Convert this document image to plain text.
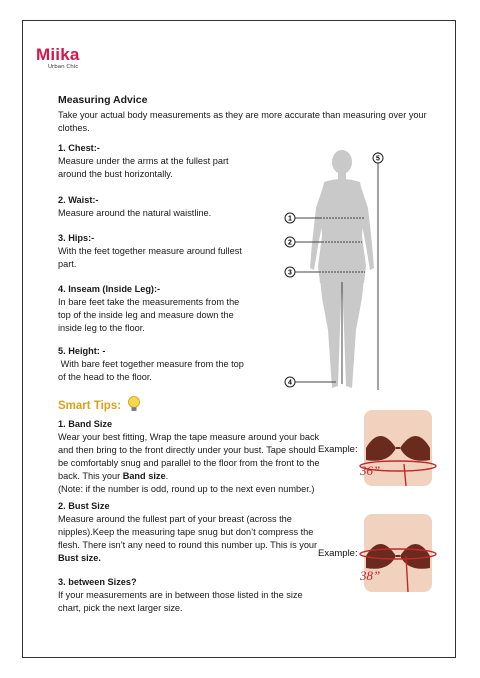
Miika
Urban Chic
Measuring Advice

Take your actual body measurements as they are more accurate than measuring over your clothes.

1. Chest:-
Measure under the arms at the fullest part around the bust horizontally.
2. Waist:-
Measure around the natural waistline.
3. Hips:-
With the feet together measure around fullest part.
4. Inseam (Inside Leg):-
In bare feet take the measurements from the top of the inside leg and measure down the inside leg to the floor.
5. Height: -
With bare feet together measure from the top of the head to the floor.
1
2
3
4
5
Smart Tips:
1. Band Size
Wear your best fitting, Wrap the tape measure around your back and then bring to the front directly under your bust. Tape should be comfortably snug and parallel to the floor from the front to the back. This your Band size.
(Note: if the number is odd, round up to the next even number.)
2. Bust Size
Measure around the fullest part of your breast (across the nipples).Keep the measuring tape snug but don’t compress the flesh. There isn’t any need to round this number up. This is your Bust size.
3. between Sizes?
If your measurements are in between those listed in the size chart, pick the next larger size.
Example:
Example:
36”
38”
